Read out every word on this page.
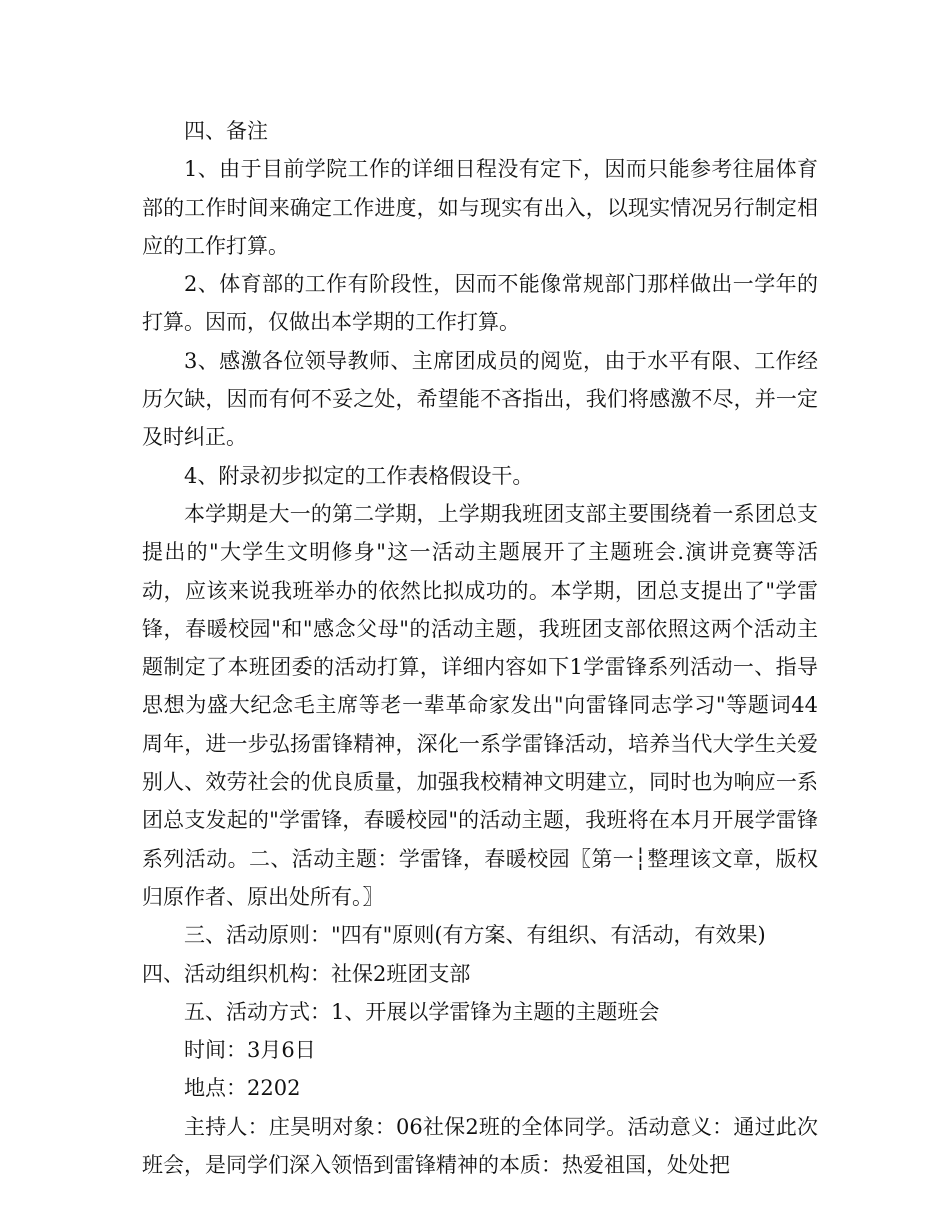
四、备注

1、由于目前学院工作的详细日程没有定下，因而只能参考往届体育部的工作时间来确定工作进度，如与现实有出入，以现实情况另行制定相应的工作打算。

2、体育部的工作有阶段性，因而不能像常规部门那样做出一学年的打算。因而，仅做出本学期的工作打算。

3、感激各位领导教师、主席团成员的阅览，由于水平有限、工作经历欠缺，因而有何不妥之处，希望能不吝指出，我们将感激不尽，并一定及时纠正。

4、附录初步拟定的工作表格假设干。

本学期是大一的第二学期，上学期我班团支部主要围绕着一系团总支提出的"大学生文明修身"这一活动主题展开了主题班会.演讲竞赛等活动，应该来说我班举办的依然比拟成功的。本学期，团总支提出了"学雷锋，春暖校园"和"感念父母"的活动主题，我班团支部依照这两个活动主题制定了本班团委的活动打算，详细内容如下1学雷锋系列活动一、指导思想为盛大纪念毛主席等老一辈革命家发出"向雷锋同志学习"等题词44周年，进一步弘扬雷锋精神，深化一系学雷锋活动，培养当代大学生关爱别人、效劳社会的优良质量，加强我校精神文明建立，同时也为响应一系团总支发起的"学雷锋，春暖校园"的活动主题，我班将在本月开展学雷锋系列活动。二、活动主题：学雷锋，春暖校园〖第一┆整理该文章，版权归原作者、原出处所有。〗

三、活动原则："四有"原则(有方案、有组织、有活动，有效果)

四、活动组织机构：社保2班团支部

五、活动方式：1、开展以学雷锋为主题的主题班会

时间：3月6日

地点：2202

主持人：庄昊明对象：06社保2班的全体同学。活动意义：通过此次班会，是同学们深入领悟到雷锋精神的本质：热爱祖国，处处把
